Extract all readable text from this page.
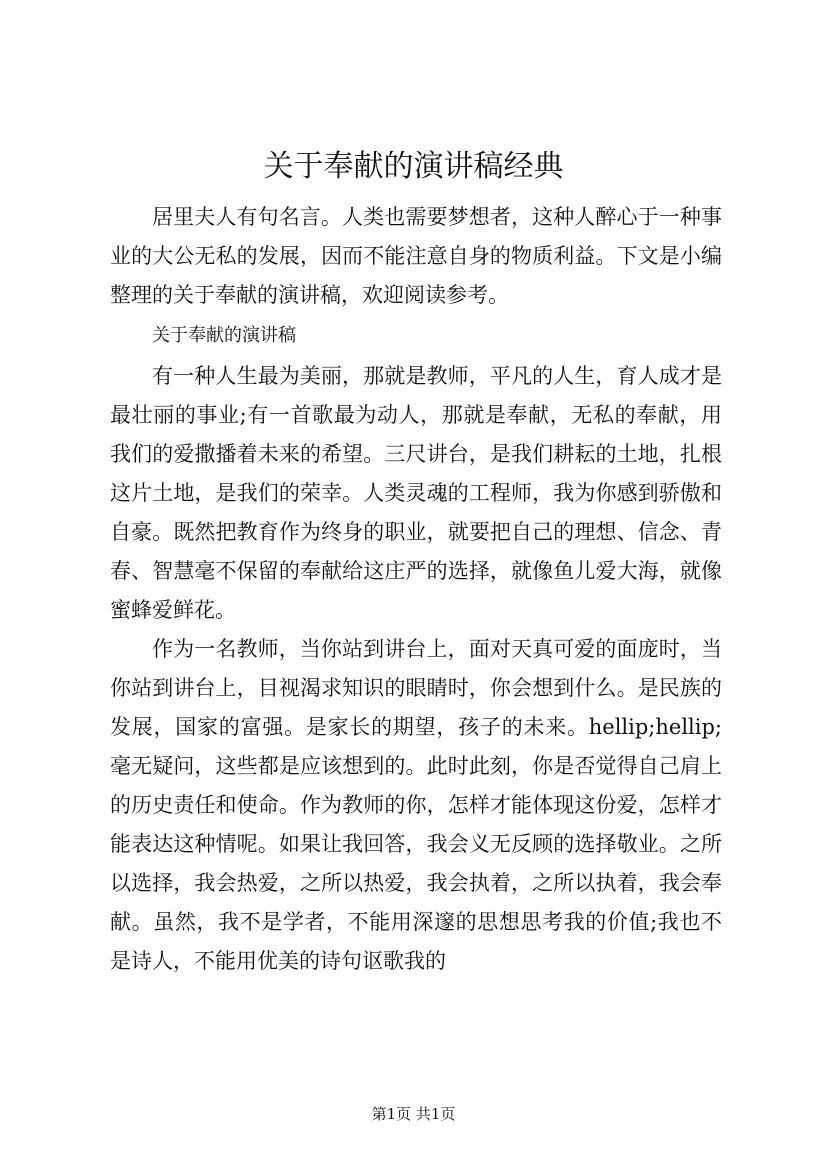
关于奉献的演讲稿经典

居里夫人有句名言。人类也需要梦想者，这种人醉心于一种事业的大公无私的发展，因而不能注意自身的物质利益。下文是小编整理的关于奉献的演讲稿，欢迎阅读参考。

关于奉献的演讲稿

有一种人生最为美丽，那就是教师，平凡的人生，育人成才是最壮丽的事业;有一首歌最为动人，那就是奉献，无私的奉献，用我们的爱撒播着未来的希望。三尺讲台，是我们耕耘的土地，扎根这片土地，是我们的荣幸。人类灵魂的工程师，我为你感到骄傲和自豪。既然把教育作为终身的职业，就要把自己的理想、信念、青春、智慧毫不保留的奉献给这庄严的选择，就像鱼儿爱大海，就像蜜蜂爱鲜花。

作为一名教师，当你站到讲台上，面对天真可爱的面庞时，当你站到讲台上，目视渴求知识的眼睛时，你会想到什么。是民族的发展，国家的富强。是家长的期望，孩子的未来。hellip;hellip;毫无疑问，这些都是应该想到的。此时此刻，你是否觉得自己肩上的历史责任和使命。作为教师的你，怎样才能体现这份爱，怎样才能表达这种情呢。如果让我回答，我会义无反顾的选择敬业。之所以选择，我会热爱，之所以热爱，我会执着，之所以执着，我会奉献。虽然，我不是学者，不能用深邃的思想思考我的价值;我也不是诗人，不能用优美的诗句讴歌我的

第1页 共1页
